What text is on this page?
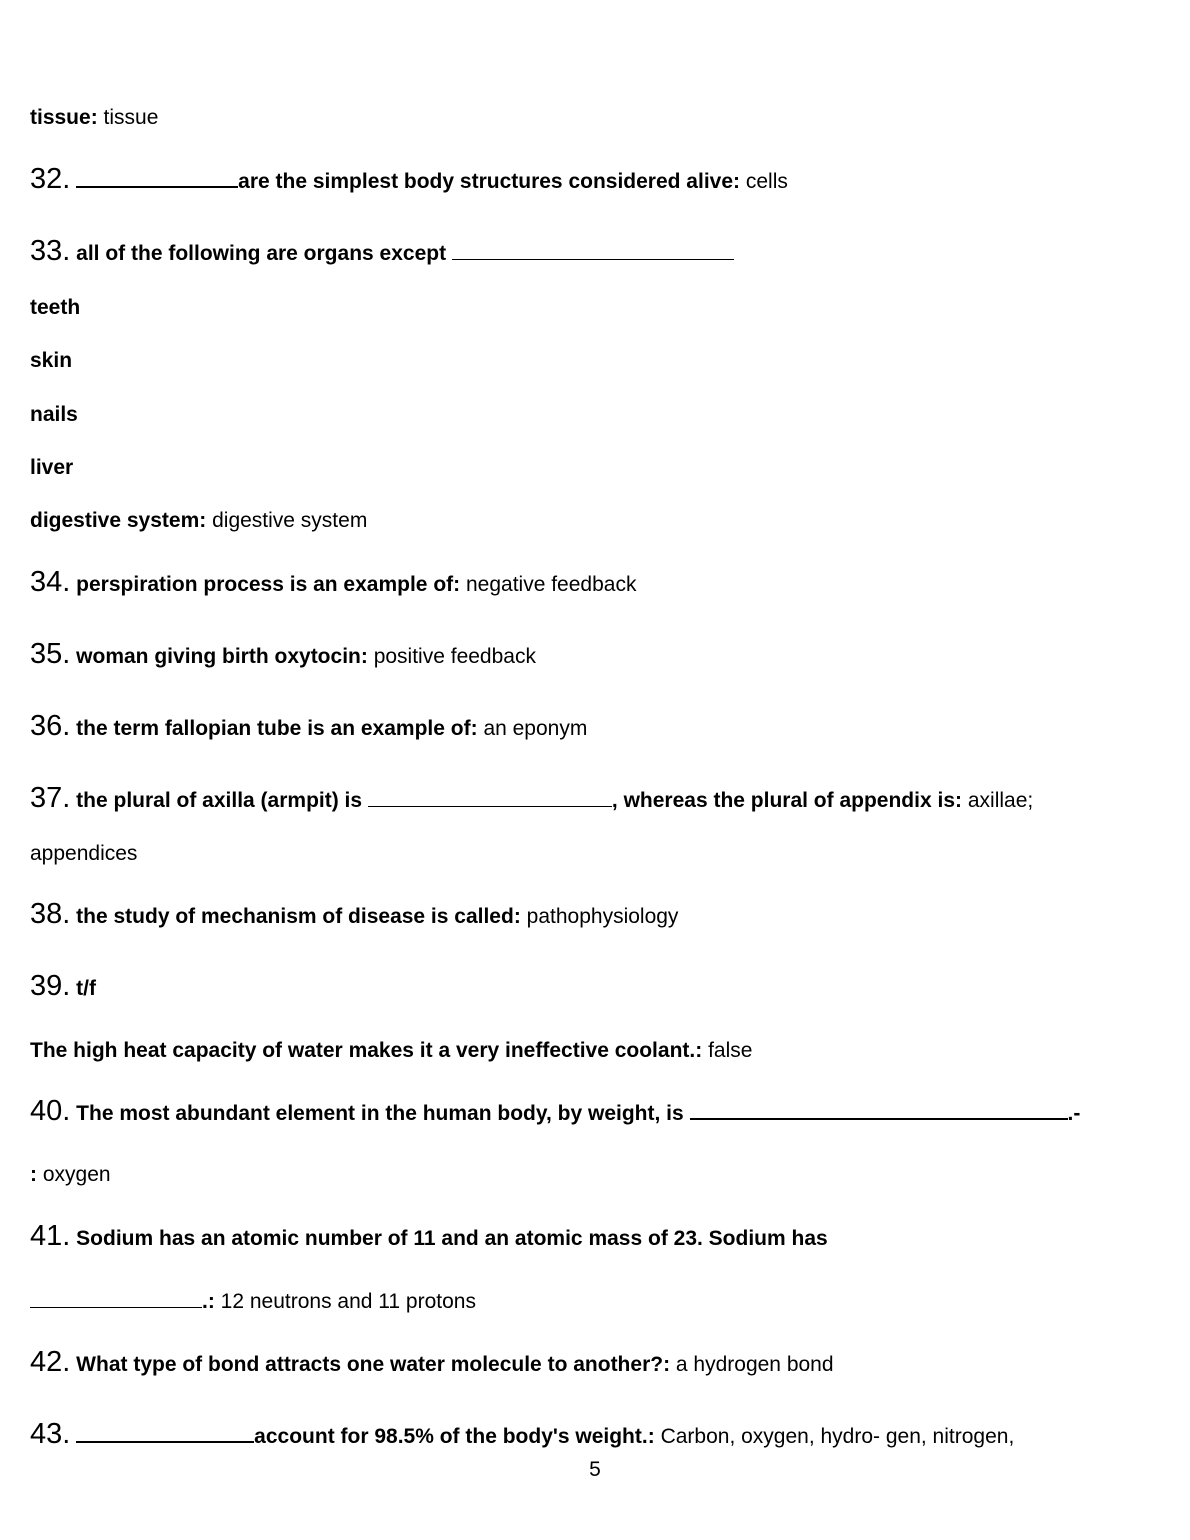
tissue: tissue
32.	are the simplest body structures considered alive: cells
33. all of the following are organs except
teeth
skin
nails
liver
digestive system: digestive system
34. perspiration process is an example of: negative feedback
35. woman giving birth oxytocin: positive feedback
36. the term fallopian tube is an example of: an eponym
37. the plural of axilla (armpit) is	, whereas the plural of appendix is: axillae;
appendices
38. the study of mechanism of disease is called: pathophysiology
39. t/f
The high heat capacity of water makes it a very ineffective coolant.: false
40. The most abundant element in the human body, by weight, is	.-
: oxygen
41. Sodium has an atomic number of 11 and an atomic mass of 23. Sodium has
.: 12 neutrons and 11 protons
42. What type of bond attracts one water molecule to another?: a hydrogen bond
43.	account for 98.5% of the body's weight.: Carbon, oxygen, hydro- gen, nitrogen,
5
